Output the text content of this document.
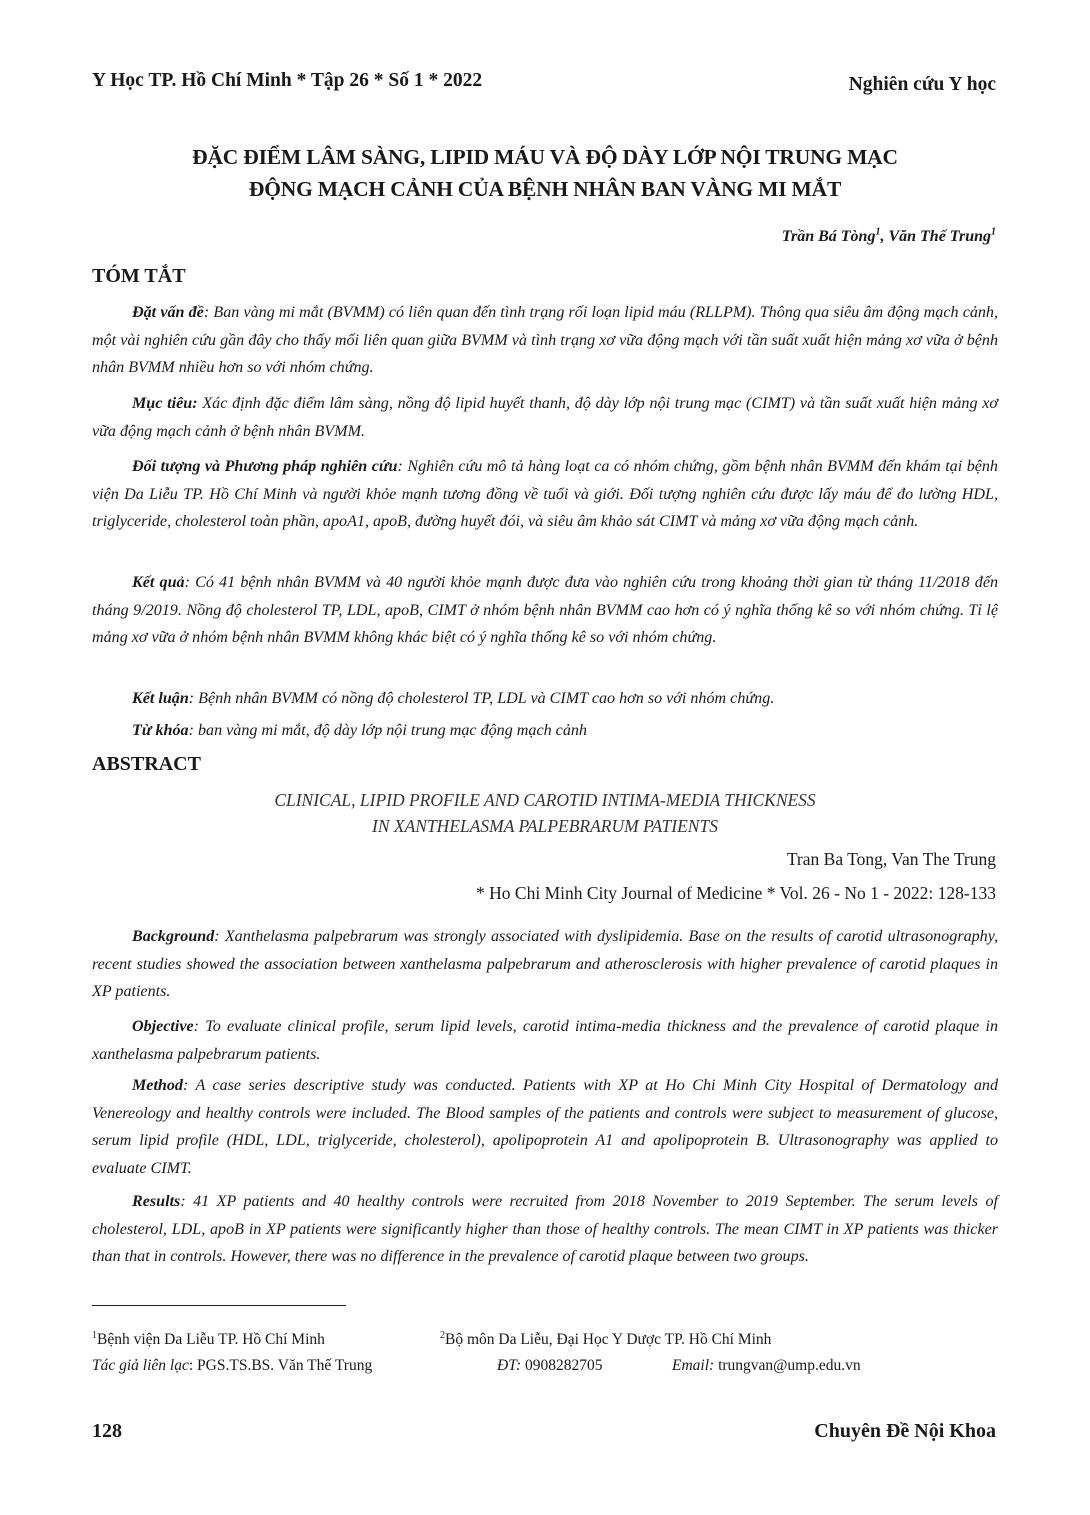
Y Học TP. Hồ Chí Minh * Tập 26 * Số 1 * 2022	Nghiên cứu Y học
ĐẶC ĐIỂM LÂM SÀNG, LIPID MÁU VÀ ĐỘ DÀY LỚP NỘI TRUNG MẠC
ĐỘNG MẠCH CẢNH CỦA BỆNH NHÂN BAN VÀNG MI MẮT
Trần Bá Tòng$^1$, Văn Thế Trung$^1$
TÓM TẮT

Đặt vấn đề: Ban vàng mi mắt (BVMM) có liên quan đến tình trạng rối loạn lipid máu (RLLPM). Thông qua siêu âm động mạch cảnh, một vài nghiên cứu gần đây cho thấy mối liên quan giữa BVMM và tình trạng xơ vữa động mạch với tần suất xuất hiện mảng xơ vữa ở bệnh nhân BVMM nhiều hơn so với nhóm chứng.

Mục tiêu: Xác định đặc điểm lâm sàng, nồng độ lipid huyết thanh, độ dày lớp nội trung mạc (CIMT) và tần suất xuất hiện mảng xơ vữa động mạch cảnh ở bệnh nhân BVMM.

Đối tượng và Phương pháp nghiên cứu: Nghiên cứu mô tả hàng loạt ca có nhóm chứng, gồm bệnh nhân BVMM đến khám tại bệnh viện Da Liễu TP. Hồ Chí Minh và người khỏe mạnh tương đồng về tuổi và giới. Đối tượng nghiên cứu được lấy máu để đo lường HDL, triglyceride, cholesterol toàn phần, apoA1, apoB, đường huyết đói, và siêu âm khảo sát CIMT và mảng xơ vữa động mạch cảnh.

Kết quả: Có 41 bệnh nhân BVMM và 40 người khỏe mạnh được đưa vào nghiên cứu trong khoảng thời gian từ tháng 11/2018 đến tháng 9/2019. Nồng độ cholesterol TP, LDL, apoB, CIMT ở nhóm bệnh nhân BVMM cao hơn có ý nghĩa thống kê so với nhóm chứng. Tỉ lệ mảng xơ vữa ở nhóm bệnh nhân BVMM không khác biệt có ý nghĩa thống kê so với nhóm chứng.

Kết luận: Bệnh nhân BVMM có nồng độ cholesterol TP, LDL và CIMT cao hơn so với nhóm chứng.

Từ khóa: ban vàng mi mắt, độ dày lớp nội trung mạc động mạch cảnh

ABSTRACT
CLINICAL, LIPID PROFILE AND CAROTID INTIMA-MEDIA THICKNESS
IN XANTHELASMA PALPEBRARUM PATIENTS
Tran Ba Tong, Van The Trung
* Ho Chi Minh City Journal of Medicine * Vol. 26 - No 1 - 2022: 128-133

Background: Xanthelasma palpebrarum was strongly associated with dyslipidemia. Base on the results of carotid ultrasonography, recent studies showed the association between xanthelasma palpebrarum and atherosclerosis with higher prevalence of carotid plaques in XP patients.

Objective: To evaluate clinical profile, serum lipid levels, carotid intima-media thickness and the prevalence of carotid plaque in xanthelasma palpebrarum patients.

Method: A case series descriptive study was conducted. Patients with XP at Ho Chi Minh City Hospital of Dermatology and Venereology and healthy controls were included. The Blood samples of the patients and controls were subject to measurement of glucose, serum lipid profile (HDL, LDL, triglyceride, cholesterol), apolipoprotein A1 and apolipoprotein B. Ultrasonography was applied to evaluate CIMT.

Results: 41 XP patients and 40 healthy controls were recruited from 2018 November to 2019 September. The serum levels of cholesterol, LDL, apoB in XP patients were significantly higher than those of healthy controls. The mean CIMT in XP patients was thicker than that in controls. However, there was no difference in the prevalence of carotid plaque between two groups.

$^1$Bệnh viện Da Liễu TP. Hồ Chí Minh	$^2$Bộ môn Da Liễu, Đại Học Y Dược TP. Hồ Chí Minh
Tác giả liên lạc: PGS.TS.BS. Văn Thế Trung	ĐT: 0908282705	Email: trungvan@ump.edu.vn
128	Chuyên Đề Nội Khoa
